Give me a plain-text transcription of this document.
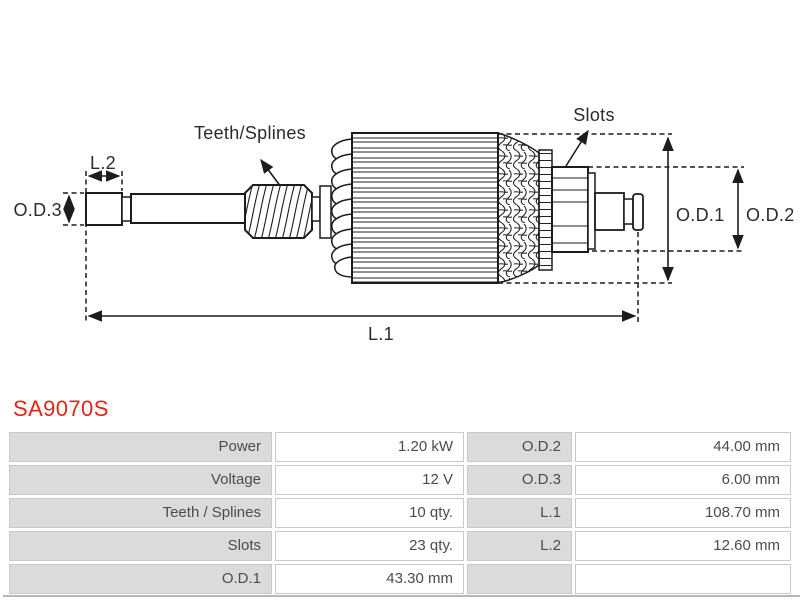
Teeth/Splines
Slots
L.2
O.D.3	O.D.1 O.D.2
L.1
SA9070S
Power	1.20 kW	O.D.2	44.00 mm
Voltage	12 V	O.D.3	6.00 mm
Teeth / Splines	10 qty.	L.1	108.70 mm
Slots	23 qty.	L.2	12.60 mm
O.D.1	43.30 mm
